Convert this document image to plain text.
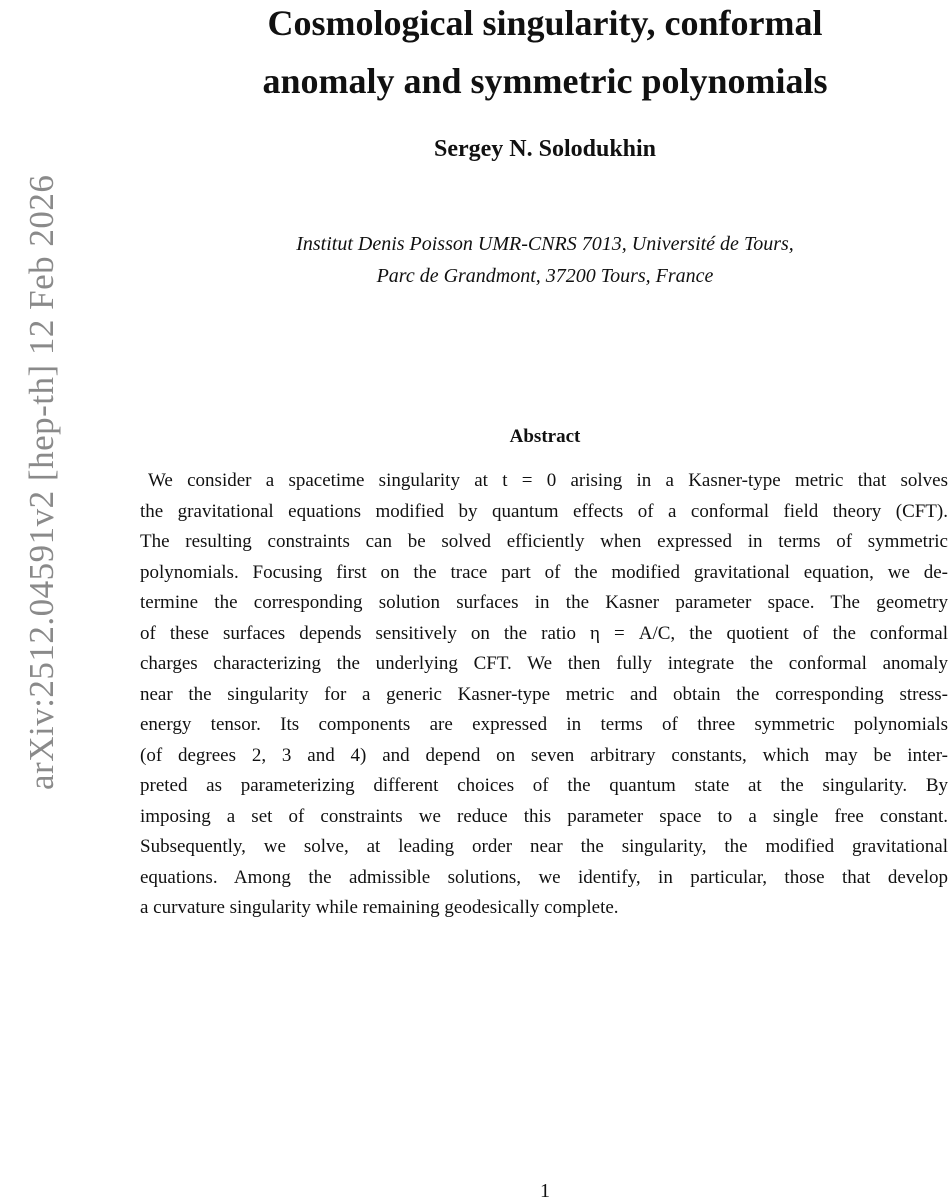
arXiv:2512.04591v2 [hep-th] 12 Feb 2026
Cosmological singularity, conformal
anomaly and symmetric polynomials
Sergey N. Solodukhin
Institut Denis Poisson UMR-CNRS 7013, Université de Tours,
Parc de Grandmont, 37200 Tours, France
Abstract
We consider a spacetime singularity at t = 0 arising in a Kasner-type metric that solves
the gravitational equations modified by quantum effects of a conformal field theory (CFT).
The resulting constraints can be solved efficiently when expressed in terms of symmetric
polynomials. Focusing first on the trace part of the modified gravitational equation, we de-
termine the corresponding solution surfaces in the Kasner parameter space. The geometry
of these surfaces depends sensitively on the ratio η = A/C, the quotient of the conformal
charges characterizing the underlying CFT. We then fully integrate the conformal anomaly
near the singularity for a generic Kasner-type metric and obtain the corresponding stress-
energy tensor. Its components are expressed in terms of three symmetric polynomials
(of degrees 2, 3 and 4) and depend on seven arbitrary constants, which may be inter-
preted as parameterizing different choices of the quantum state at the singularity. By
imposing a set of constraints we reduce this parameter space to a single free constant.
Subsequently, we solve, at leading order near the singularity, the modified gravitational
equations. Among the admissible solutions, we identify, in particular, those that develop
a curvature singularity while remaining geodesically complete.
1
